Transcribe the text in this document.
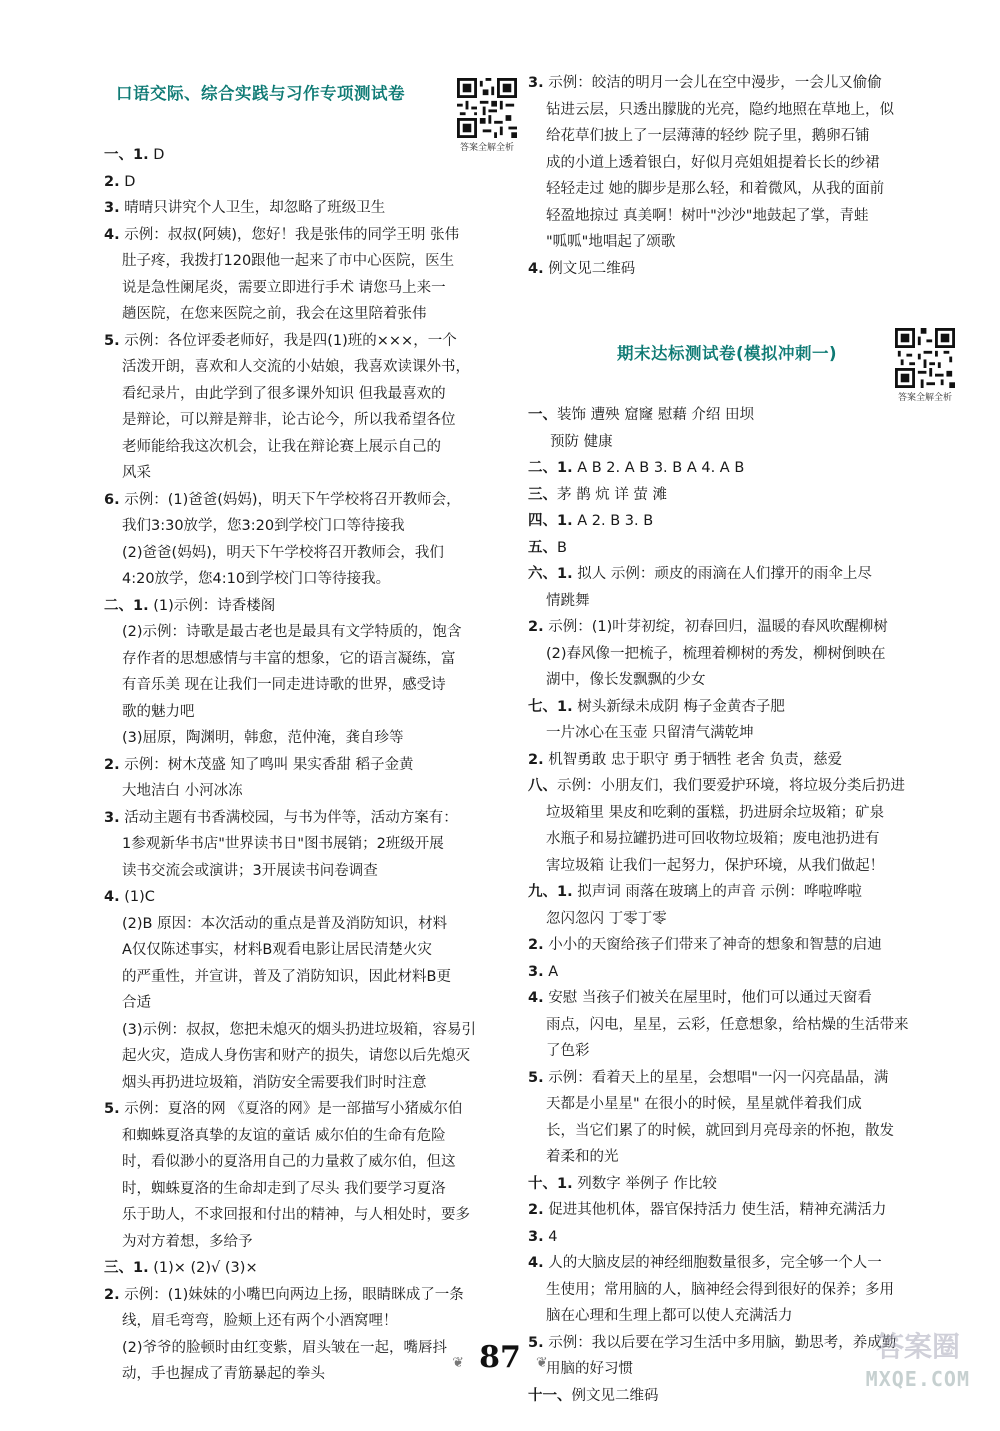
口语交际、综合实践与习作专项测试卷
答案全解全析
一、1. D
2. D
3. 晴晴只讲究个人卫生，却忽略了班级卫生
4. 示例：叔叔(阿姨)，您好！我是张伟的同学王明 张伟
肚子疼，我拨打120跟他一起来了市中心医院，医生
说是急性阑尾炎，需要立即进行手术 请您马上来一
趟医院，在您来医院之前，我会在这里陪着张伟
5. 示例：各位评委老师好，我是四(1)班的×××，一个
活泼开朗，喜欢和人交流的小姑娘，我喜欢读课外书，
看纪录片，由此学到了很多课外知识 但我最喜欢的
是辩论，可以辩是辩非，论古论今，所以我希望各位
老师能给我这次机会，让我在辩论赛上展示自己的
风采
6. 示例：(1)爸爸(妈妈)，明天下午学校将召开教师会，
我们3:30放学，您3:20到学校门口等待接我
(2)爸爸(妈妈)，明天下午学校将召开教师会，我们
4:20放学，您4:10到学校门口等待接我。
二、1. (1)示例：诗香楼阁
(2)示例：诗歌是最古老也是最具有文学特质的，饱含
存作者的思想感情与丰富的想象，它的语言凝练，富
有音乐美 现在让我们一同走进诗歌的世界，感受诗
歌的魅力吧
(3)屈原，陶渊明，韩愈，范仲淹，龚自珍等
2. 示例：树木茂盛 知了鸣叫 果实香甜 稻子金黄
大地洁白 小河冰冻
3. 活动主题有书香满校园，与书为伴等，活动方案有：
1参观新华书店"世界读书日"图书展销；2班级开展
读书交流会或演讲；3开展读书问卷调查
4. (1)C
(2)B 原因：本次活动的重点是普及消防知识，材料
A仅仅陈述事实，材料B观看电影让居民清楚火灾
的严重性，并宣讲，普及了消防知识，因此材料B更
合适
(3)示例：叔叔，您把未熄灭的烟头扔进垃圾箱，容易引
起火灾，造成人身伤害和财产的损失，请您以后先熄灭
烟头再扔进垃圾箱，消防安全需要我们时时注意
5. 示例：夏洛的网 《夏洛的网》是一部描写小猪威尔伯
和蜘蛛夏洛真挚的友谊的童话 威尔伯的生命有危险
时，看似渺小的夏洛用自己的力量救了威尔伯，但这
时，蜘蛛夏洛的生命却走到了尽头 我们要学习夏洛
乐于助人，不求回报和付出的精神，与人相处时，要多
为对方着想，多给予
三、1. (1)× (2)√ (3)×
2. 示例：(1)妹妹的小嘴巴向两边上扬，眼睛眯成了一条
线，眉毛弯弯，脸颊上还有两个小酒窝哩！
(2)爷爷的脸顿时由红变紫，眉头皱在一起，嘴唇抖
动，手也握成了青筋暴起的拳头
3. 示例：皎洁的明月一会儿在空中漫步，一会儿又偷偷
钻进云层，只透出朦胧的光亮，隐约地照在草地上，似
给花草们披上了一层薄薄的轻纱 院子里，鹅卵石铺
成的小道上透着银白，好似月亮姐姐提着长长的纱裙
轻轻走过 她的脚步是那么轻，和着微风，从我的面前
轻盈地掠过 真美啊！树叶"沙沙"地鼓起了掌，青蛙
"呱呱"地唱起了颂歌
4. 例文见二维码
期末达标测试卷(模拟冲刺一)
答案全解全析
一、装饰 遭殃 窟窿 慰藉 介绍 田坝
预防 健康
二、1. A B 2. A B 3. B A 4. A B
三、茅 鹊 炕 详 萤 滩
四、1. A 2. B 3. B
五、B
六、1. 拟人 示例：顽皮的雨滴在人们撑开的雨伞上尽
情跳舞
2. 示例：(1)叶芽初绽，初春回归，温暖的春风吹醒柳树
(2)春风像一把梳子，梳理着柳树的秀发，柳树倒映在
湖中，像长发飘飘的少女
七、1. 树头新绿未成阴 梅子金黄杏子肥
一片冰心在玉壶 只留清气满乾坤
2. 机智勇敢 忠于职守 勇于牺牲 老舍 负责，慈爱
八、示例：小朋友们，我们要爱护环境，将垃圾分类后扔进
垃圾箱里 果皮和吃剩的蛋糕，扔进厨余垃圾箱；矿泉
水瓶子和易拉罐扔进可回收物垃圾箱；废电池扔进有
害垃圾箱 让我们一起努力，保护环境，从我们做起！
九、1. 拟声词 雨落在玻璃上的声音 示例：哗啦哗啦
忽闪忽闪 丁零丁零
2. 小小的天窗给孩子们带来了神奇的想象和智慧的启迪
3. A
4. 安慰 当孩子们被关在屋里时，他们可以通过天窗看
雨点，闪电，星星，云彩，任意想象，给枯燥的生活带来
了色彩
5. 示例：看着天上的星星，会想唱"一闪一闪亮晶晶，满
天都是小星星" 在很小的时候，星星就伴着我们成
长，当它们累了的时候，就回到月亮母亲的怀抱，散发
着柔和的光
十、1. 列数字 举例子 作比较
2. 促进其他机体，器官保持活力 使生活，精神充满活力
3. 4
4. 人的大脑皮层的神经细胞数量很多，完全够一个人一
生使用；常用脑的人，脑神经会得到很好的保养；多用
脑在心理和生理上都可以使人充满活力
5. 示例：我以后要在学习生活中多用脑，勤思考，养成勤
用脑的好习惯
十一、例文见二维码
❦ 87 ❦	答案圈
MXQE.COM
